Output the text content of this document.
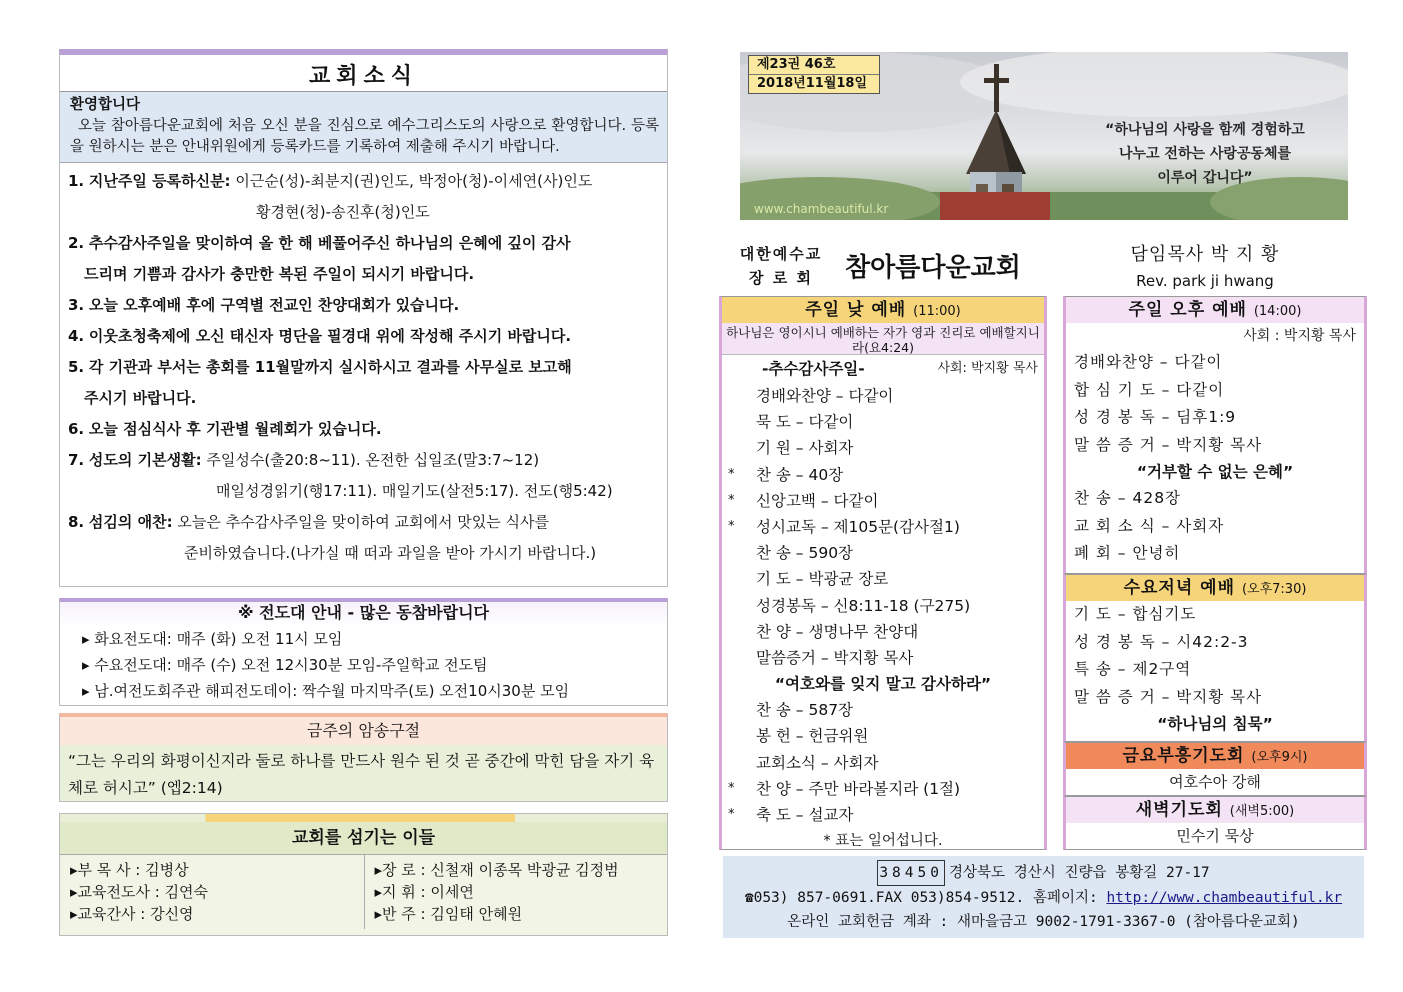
교회소식
환영합니다

오늘 참아름다운교회에 처음 오신 분을 진심으로 예수그리스도의 사랑으로 환영합니다. 등록을 원하시는 분은 안내위원에게 등록카드를 기록하여 제출해 주시기 바랍니다.

1. 지난주일 등록하신분: 이근순(성)-최분지(권)인도, 박정아(청)-이세연(사)인도
황경현(청)-송진후(청)인도
2. 추수감사주일을 맞이하여 올 한 해 베풀어주신 하나님의 은혜에 깊이 감사
드리며 기쁨과 감사가 충만한 복된 주일이 되시기 바랍니다.
3. 오늘 오후예배 후에 구역별 전교인 찬양대회가 있습니다.
4. 이웃초청축제에 오신 태신자 명단을 필경대 위에 작성해 주시기 바랍니다.
5. 각 기관과 부서는 총회를 11월말까지 실시하시고 결과를 사무실로 보고해
주시기 바랍니다.
6. 오늘 점심식사 후 기관별 월례회가 있습니다.
7. 성도의 기본생활: 주일성수(출20:8~11). 온전한 십일조(말3:7~12)
매일성경읽기(행17:11). 매일기도(살전5:17). 전도(행5:42)
8. 섬김의 애찬: 오늘은 추수감사주일을 맞이하여 교회에서 맛있는 식사를
준비하였습니다.(나가실 때 떠과 과일을 받아 가시기 바랍니다.)
※ 전도대 안내 - 많은 동참바랍니다
▸ 화요전도대: 매주 (화) 오전 11시 모임
▸ 수요전도대: 매주 (수) 오전 12시30분 모임-주일학교 전도팀
▸ 남.여전도회주관 해피전도데이: 짝수월 마지막주(토) 오전10시30분 모임
금주의 암송구절
“그는 우리의 화평이신지라 둘로 하나를 만드사 원수 된 것 곧 중간에 막힌 담을 자기 육체로 허시고” (엡2:14)
교회를 섬기는 이들
▸부 목 사 : 김병상
▸교육전도사 : 김연숙
▸교육간사 : 강신영
▸장 로 : 신철재 이종목 박광균 김정범
▸지 휘 : 이세연
▸반 주 : 김임태 안혜원
제23권 46호
2018년11월18일
“하나님의 사랑을 함께 경험하고
나누고 전하는 사랑공동체를
이루어 갑니다”
www.chambeautiful.kr
대한예수교
장 로 회	참아름다운교회	담임목사 박 지 황
Rev. park ji hwang
주일 낮 예배 (11:00)
하나님은 영이시니 예배하는 자가 영과 진리로 예배할지니라(요4:24)
-추수감사주일-	사회: 박지황 목사
경배와찬양 – 다같이
묵 도 – 다같이
기 원 – 사회자
* 찬 송 – 40장
* 신앙고백 – 다같이
* 성시교독 – 제105문(감사절1)
찬 송 – 590장
기 도 – 박광균 장로
성경봉독 – 신8:11-18 (구275)
찬 양 – 생명나무 찬양대
말씀증거 – 박지황 목사
“여호와를 잊지 말고 감사하라”
찬 송 – 587장
봉 헌 – 헌금위원
교회소식 – 사회자
* 찬 양 – 주만 바라볼지라 (1절)
* 축 도 – 설교자
* 표는 일어섭니다.
주일 오후 예배 (14:00)
사회 : 박지황 목사
경배와찬양 – 다같이
합 심 기 도 – 다같이
성 경 봉 독 – 딤후1:9
말 씀 증 거 – 박지황 목사
“거부할 수 없는 은혜”
찬 송 – 428장
교 회 소 식 – 사회자
폐 회 – 안녕히
수요저녁 예배 (오후7:30)
기 도 – 합심기도
성 경 봉 독 – 시42:2-3
특 송 – 제2구역
말 씀 증 거 – 박지황 목사
“하나님의 침묵”
금요부흥기도회 (오후9시)
여호수아 강해
새벽기도회 (새벽5:00)
민수기 묵상
38450 경상북도 경산시 진량읍 봉황길 27-17
☎053) 857-0691.FAX 053)854-9512. 홈페이지: http://www.chambeautiful.kr
온라인 교회헌금 계좌 : 새마을금고 9002-1791-3367-0 (참아름다운교회)
